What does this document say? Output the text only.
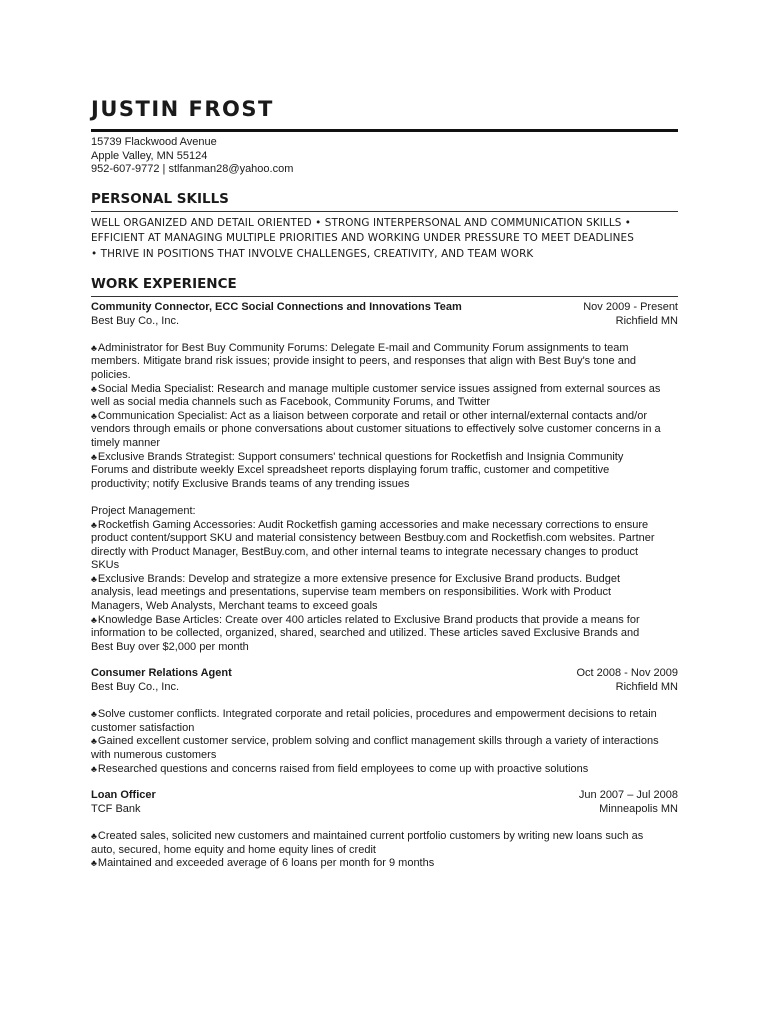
JUSTIN FROST
15739 Flackwood Avenue
Apple Valley, MN 55124
952-607-9772 | stlfanman28@yahoo.com
PERSONAL SKILLS
WELL ORGANIZED AND DETAIL ORIENTED • STRONG INTERPERSONAL AND COMMUNICATION SKILLS •
EFFICIENT AT MANAGING MULTIPLE PRIORITIES AND WORKING UNDER PRESSURE TO MEET DEADLINES
• THRIVE IN POSITIONS THAT INVOLVE CHALLENGES, CREATIVITY, AND TEAM WORK
WORK EXPERIENCE
Community Connector, ECC Social Connections and Innovations Team	Nov 2009 - Present
Best Buy Co., Inc.	Richfield MN
♣Administrator for Best Buy Community Forums: Delegate E-mail and Community Forum assignments to team
members. Mitigate brand risk issues; provide insight to peers, and responses that align with Best Buy's tone and
policies.
♣Social Media Specialist: Research and manage multiple customer service issues assigned from external sources as
well as social media channels such as Facebook, Community Forums, and Twitter
♣Communication Specialist: Act as a liaison between corporate and retail or other internal/external contacts and/or
vendors through emails or phone conversations about customer situations to effectively solve customer concerns in a
timely manner
♣Exclusive Brands Strategist: Support consumers' technical questions for Rocketfish and Insignia Community
Forums and distribute weekly Excel spreadsheet reports displaying forum traffic, customer and competitive
productivity; notify Exclusive Brands teams of any trending issues
Project Management:
♣Rocketfish Gaming Accessories: Audit Rocketfish gaming accessories and make necessary corrections to ensure
product content/support SKU and material consistency between Bestbuy.com and Rocketfish.com websites. Partner
directly with Product Manager, BestBuy.com, and other internal teams to integrate necessary changes to product
SKUs
♣Exclusive Brands: Develop and strategize a more extensive presence for Exclusive Brand products. Budget
analysis, lead meetings and presentations, supervise team members on responsibilities. Work with Product
Managers, Web Analysts, Merchant teams to exceed goals
♣Knowledge Base Articles: Create over 400 articles related to Exclusive Brand products that provide a means for
information to be collected, organized, shared, searched and utilized. These articles saved Exclusive Brands and
Best Buy over $2,000 per month
Consumer Relations Agent	Oct 2008 - Nov 2009
Best Buy Co., Inc.	Richfield MN
♣Solve customer conflicts. Integrated corporate and retail policies, procedures and empowerment decisions to retain
customer satisfaction
♣Gained excellent customer service, problem solving and conflict management skills through a variety of interactions
with numerous customers
♣Researched questions and concerns raised from field employees to come up with proactive solutions
Loan Officer	Jun 2007 – Jul 2008
TCF Bank	Minneapolis MN
♣Created sales, solicited new customers and maintained current portfolio customers by writing new loans such as
auto, secured, home equity and home equity lines of credit
♣Maintained and exceeded average of 6 loans per month for 9 months
